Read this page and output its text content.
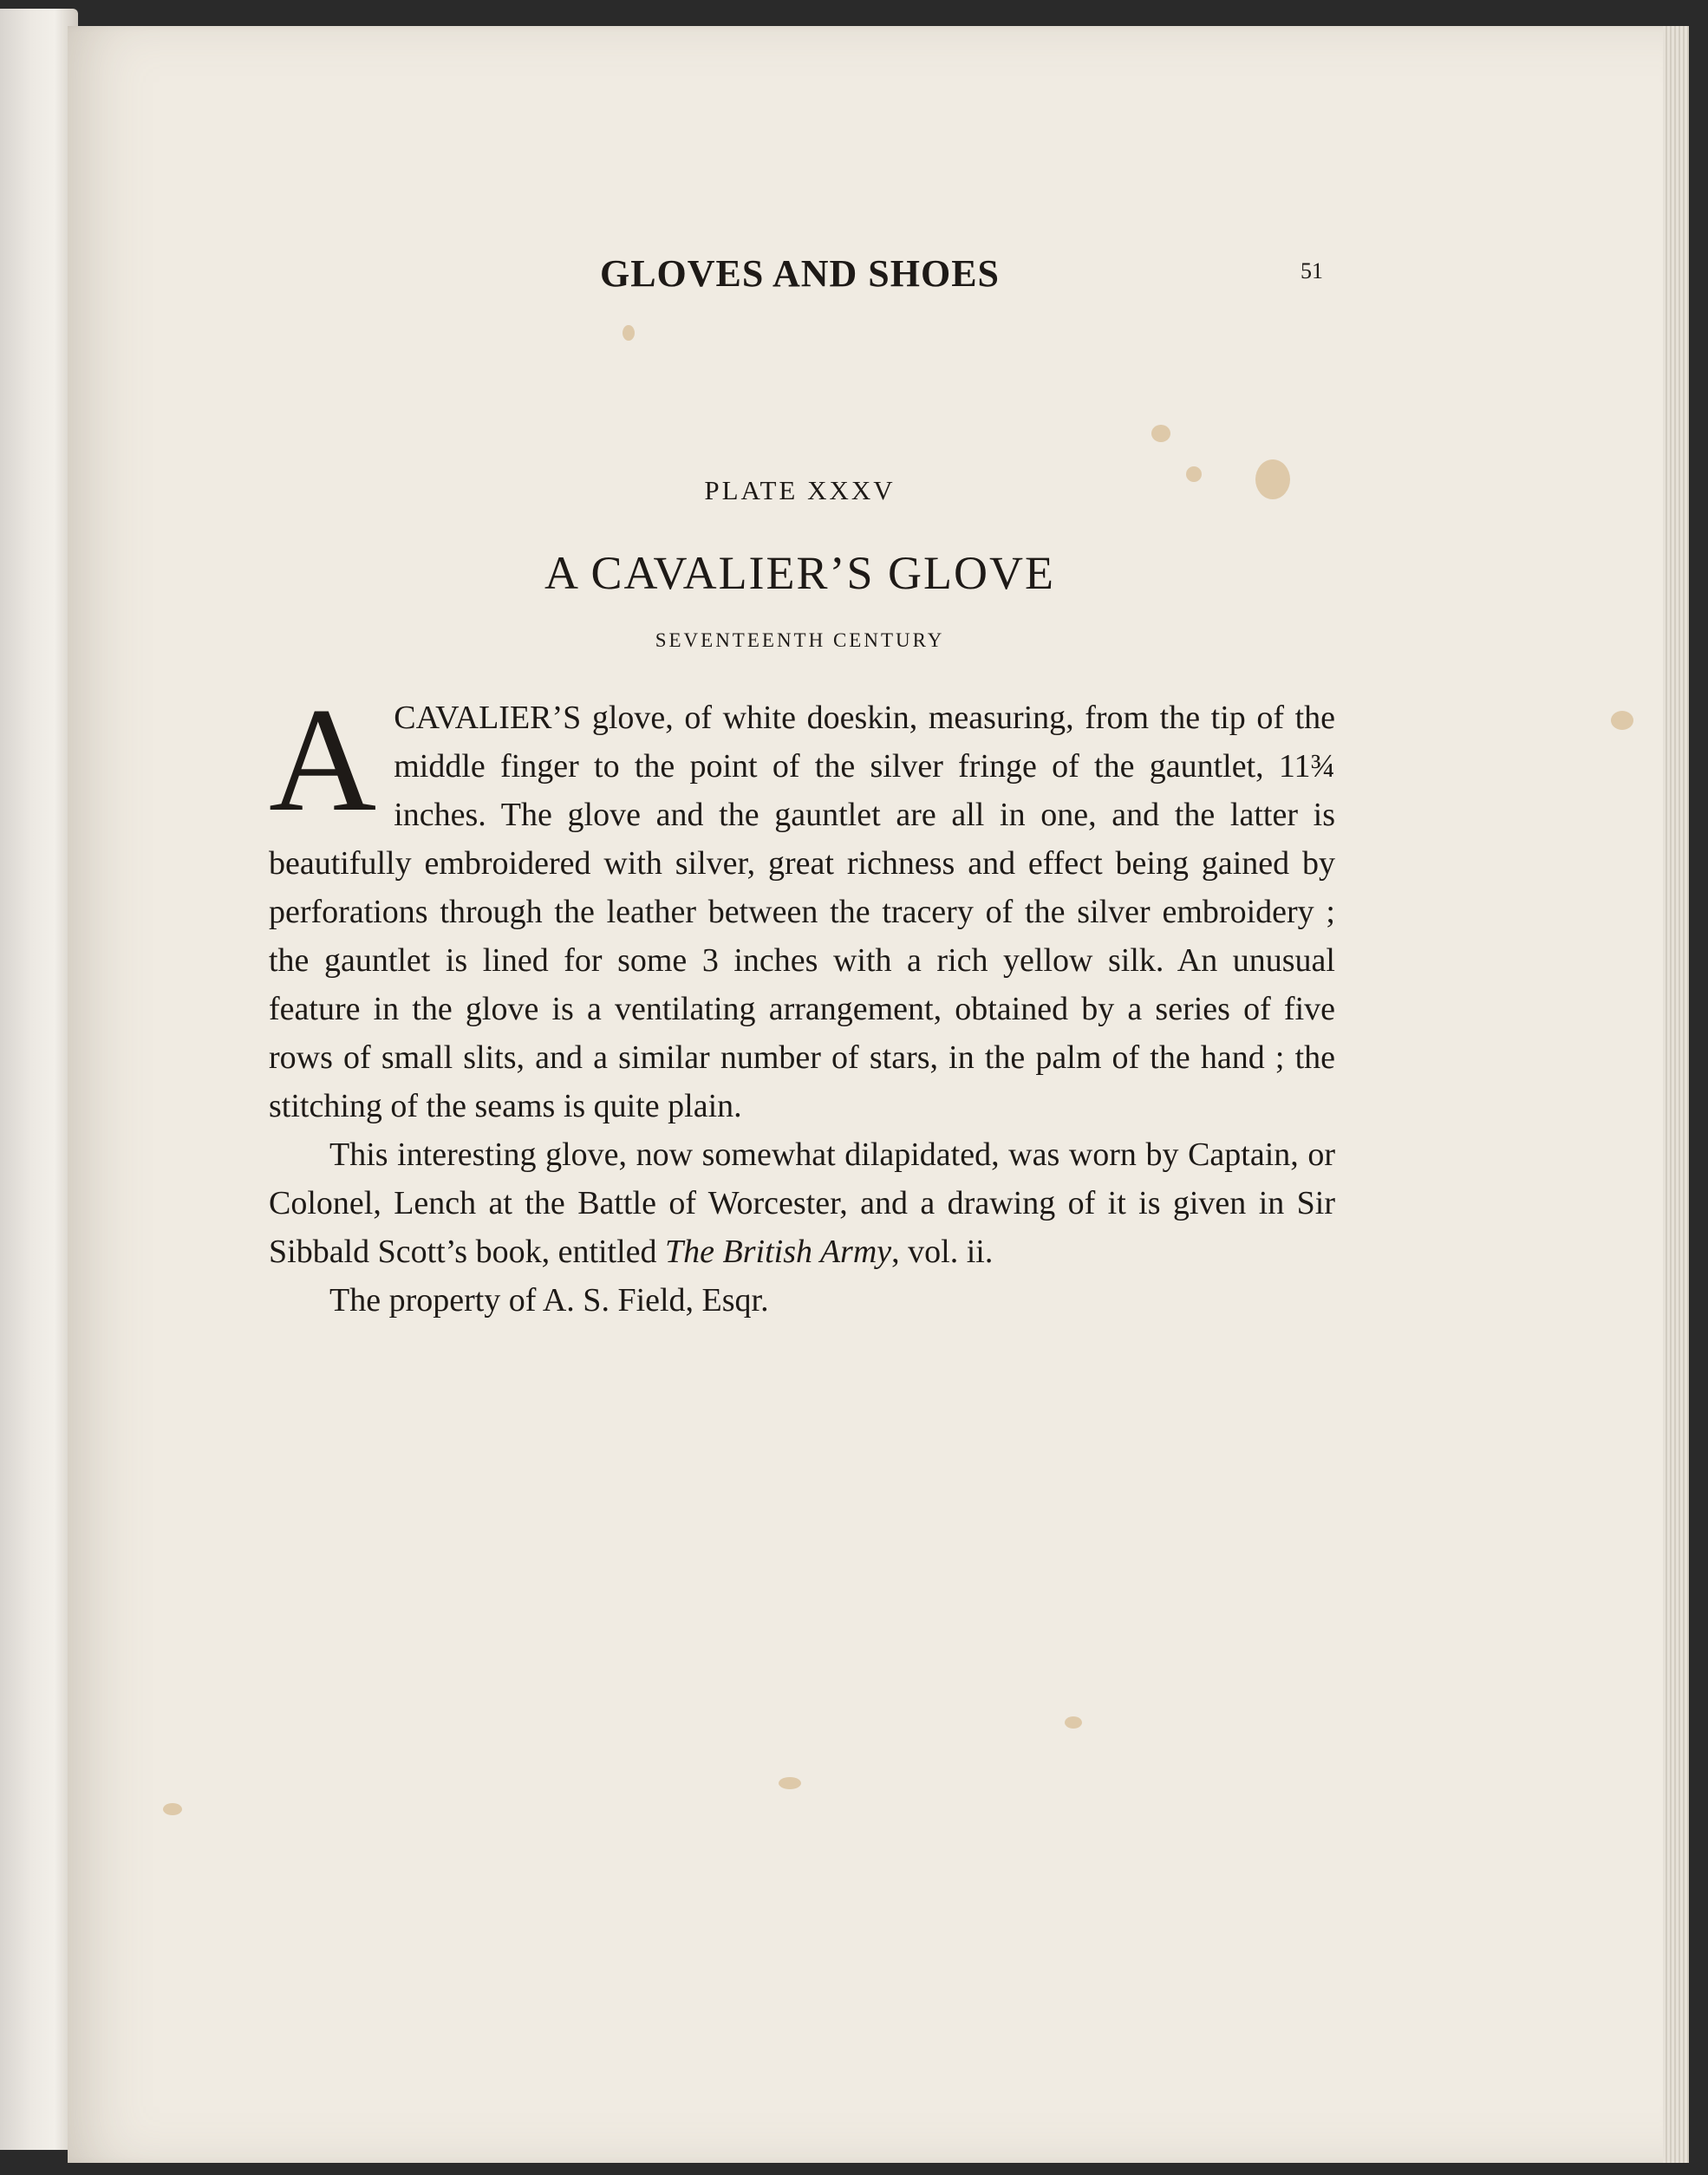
GLOVES AND SHOES	51
PLATE XXXV
A CAVALIER’S GLOVE
SEVENTEENTH CENTURY

ACAVALIER’S glove, of white doeskin, measuring, from the tip of the middle finger to the point of the silver fringe of the gauntlet, 11¾ inches. The glove and the gauntlet are all in one, and the latter is beautifully embroidered with silver, great richness and effect being gained by perforations through the leather between the tracery of the silver embroidery ; the gauntlet is lined for some 3 inches with a rich yellow silk. An unusual feature in the glove is a ventilating arrangement, obtained by a series of five rows of small slits, and a similar number of stars, in the palm of the hand ; the stitching of the seams is quite plain.

This interesting glove, now somewhat dilapidated, was worn by Captain, or Colonel, Lench at the Battle of Worcester, and a drawing of it is given in Sir Sibbald Scott’s book, entitled The British Army, vol. ii.

The property of A. S. Field, Esqr.
